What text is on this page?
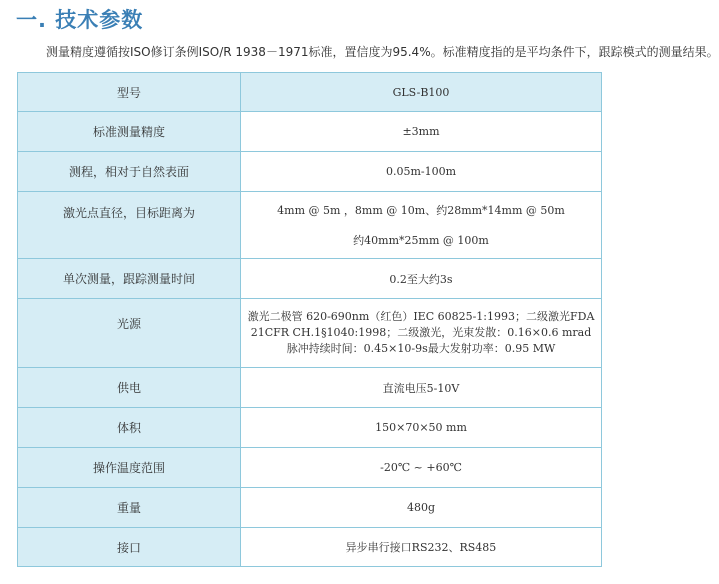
一. 技术参数
测量精度遵循按ISO修订条例ISO/R 1938－1971标准，置信度为95.4%。标准精度指的是平均条件下，跟踪模式的测量结果。
型号	GLS-B100

标准测量精度	±3mm

测程，相对于自然表面	0.05m-100m

激光点直径，目标距离为	4mm @ 5m ，8mm @ 10m、约28mm*14mm @ 50m
约40mm*25mm @ 100m

单次测量，跟踪测量时间	0.2至大约3s

光源	激光二极管 620-690nm（红色）IEC 60825-1:1993；二级激光FDA
21CFR CH.1§1040:1998；二级激光，光束发散：0.16×0.6 mrad
脉冲持续时间：0.45×10-9s最大发射功率：0.95 MW

供电	直流电压5-10V

体积	150×70×50 mm

操作温度范围	-20℃ ~ +60℃

重量	480g

接口	异步串行接口RS232、RS485
